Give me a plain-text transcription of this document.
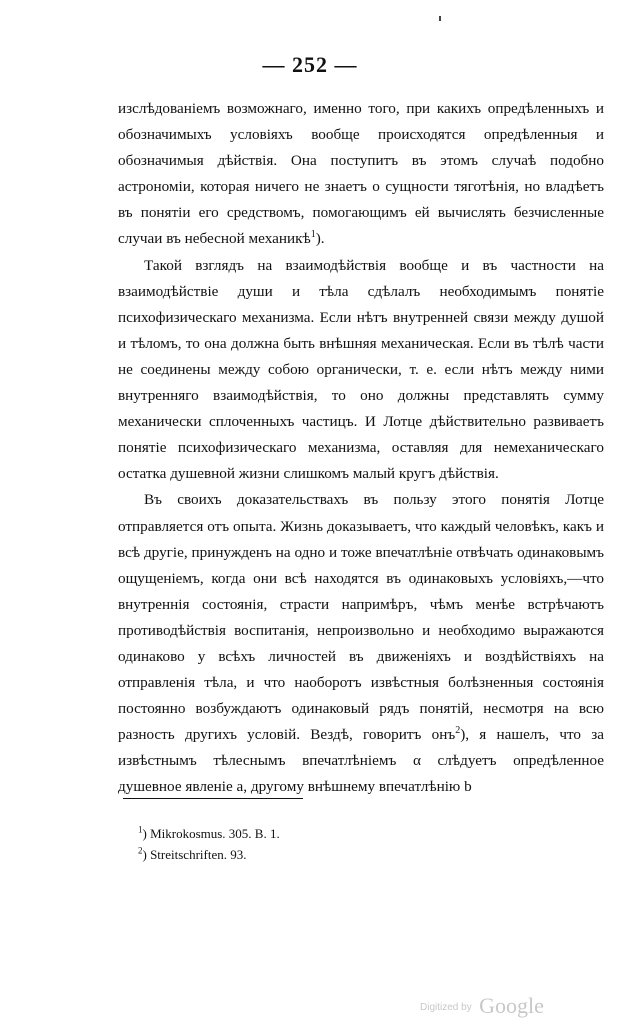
— 252 —

изслѣдованіемъ возможнаго, именно того, при какихъ опредѣленныхъ и обозначимыхъ условіяхъ вообще происходятся опредѣленныя и обозначимыя дѣйствія. Она поступитъ въ этомъ случаѣ подобно астрономіи, которая ничего не знаетъ о сущности тяготѣнія, но владѣетъ въ понятіи его средствомъ, помогающимъ ей вычислять безчисленные случаи въ небесной механикѣ$^1$).

Такой взглядъ на взаимодѣйствія вообще и въ частности на взаимодѣйствіе души и тѣла сдѣлалъ необходимымъ понятіе психофизическаго механизма. Если нѣтъ внутренней связи между душой и тѣломъ, то она должна быть внѣшняя механическая. Если въ тѣлѣ части не соединены между собою органически, т. е. если нѣтъ между ними внутренняго взаимодѣйствія, то оно должны представлять сумму механически сплоченныхъ частицъ. И Лотце дѣйствительно развиваетъ понятіе психофизическаго механизма, оставляя для немеханическаго остатка душевной жизни слишкомъ малый кругъ дѣйствія.

Въ своихъ доказательствахъ въ пользу этого понятія Лотце отправляется отъ опыта. Жизнь доказываетъ, что каждый человѣкъ, какъ и всѣ другіе, принужденъ на одно и тоже впечатлѣніе отвѣчать одинаковымъ ощущеніемъ, когда они всѣ находятся въ одинаковыхъ условіяхъ,—что внутреннія состоянія, страсти напримѣръ, чѣмъ менѣе встрѣчаютъ противодѣйствія воспитанія, непроизвольно и необходимо выражаются одинаково у всѣхъ личностей въ движеніяхъ и воздѣйствіяхъ на отправленія тѣла, и что наоборотъ извѣстныя болѣзненныя состоянія постоянно возбуждаютъ одинаковый рядъ понятій, несмотря на всю разность другихъ условій. Вездѣ, говоритъ онъ$^2$), я нашелъ, что за извѣстнымъ тѣлеснымъ впечатлѣніемъ α слѣдуетъ опредѣленное душевное явленіе a, другому внѣшнему впечатлѣнію b

$^1$) Mikrokosmus. 305. B. 1.
$^2$) Streitschriften. 93.
Digitized by Google
